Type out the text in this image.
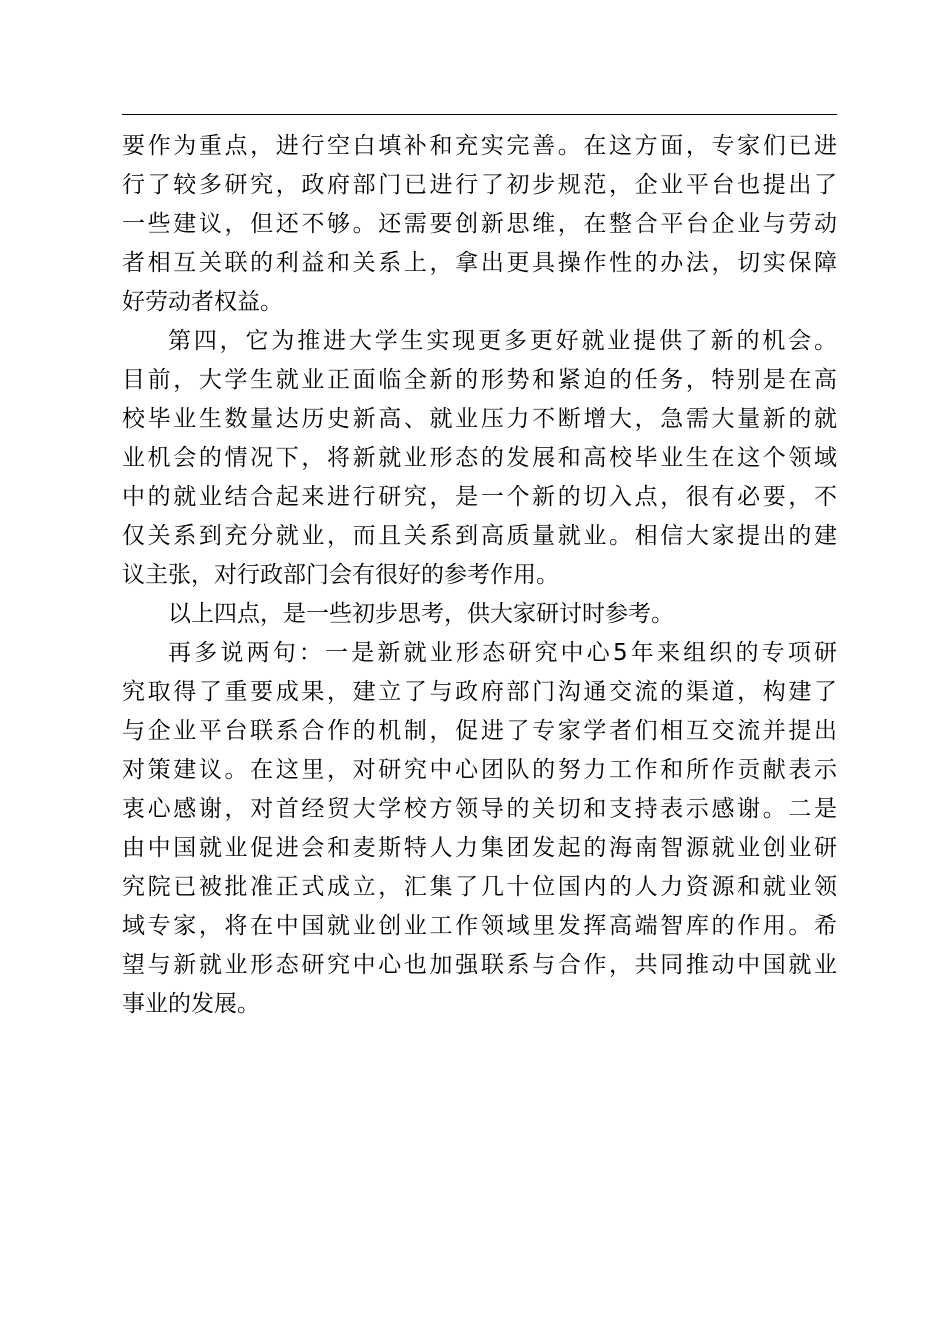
要作为重点，进行空白填补和充实完善。在这方面，专家们已进
行了较多研究，政府部门已进行了初步规范，企业平台也提出了
一些建议，但还不够。还需要创新思维，在整合平台企业与劳动
者相互关联的利益和关系上，拿出更具操作性的办法，切实保障
好劳动者权益。
第四，它为推进大学生实现更多更好就业提供了新的机会。
目前，大学生就业正面临全新的形势和紧迫的任务，特别是在高
校毕业生数量达历史新高、就业压力不断增大，急需大量新的就
业机会的情况下，将新就业形态的发展和高校毕业生在这个领域
中的就业结合起来进行研究，是一个新的切入点，很有必要，不
仅关系到充分就业，而且关系到高质量就业。相信大家提出的建
议主张，对行政部门会有很好的参考作用。
以上四点，是一些初步思考，供大家研讨时参考。
再多说两句：一是新就业形态研究中心5年来组织的专项研
究取得了重要成果，建立了与政府部门沟通交流的渠道，构建了
与企业平台联系合作的机制，促进了专家学者们相互交流并提出
对策建议。在这里，对研究中心团队的努力工作和所作贡献表示
衷心感谢，对首经贸大学校方领导的关切和支持表示感谢。二是
由中国就业促进会和麦斯特人力集团发起的海南智源就业创业研
究院已被批准正式成立，汇集了几十位国内的人力资源和就业领
域专家，将在中国就业创业工作领域里发挥高端智库的作用。希
望与新就业形态研究中心也加强联系与合作，共同推动中国就业
事业的发展。
